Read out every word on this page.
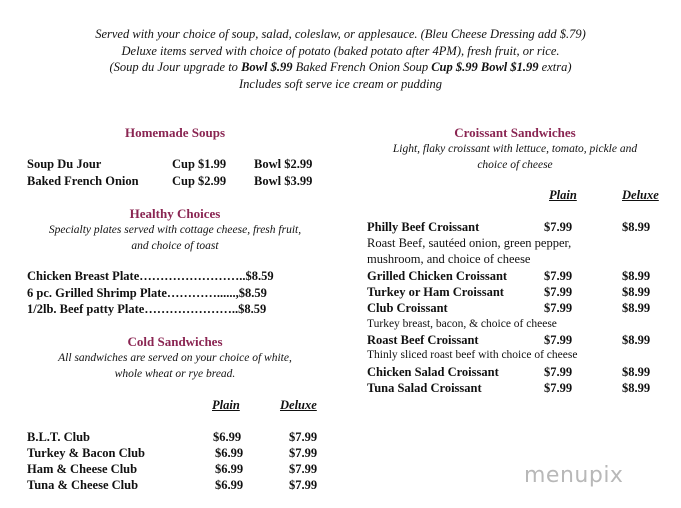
Served with your choice of soup, salad, coleslaw, or applesauce. (Bleu Cheese Dressing add $.79)
Deluxe items served with choice of potato (baked potato after 4PM), fresh fruit, or rice.
(Soup du Jour upgrade to Bowl $.99 Baked French Onion Soup Cup $.99 Bowl $1.99 extra)
Includes soft serve ice cream or pudding
Homemade Soups
Soup Du Jour	Cup $1.99 Bowl $2.99
Baked French Onion	Cup $2.99 Bowl $3.99
Healthy Choices
Specialty plates served with cottage cheese, fresh fruit,
and choice of toast
Chicken Breast Plate……………………..$8.59
6 pc. Grilled Shrimp Plate…………......,$8.59
1/2lb. Beef patty Plate…………………..$8.59
Cold Sandwiches
All sandwiches are served on your choice of white,
whole wheat or rye bread.
Plain	Deluxe
B.L.T. Club	$6.99	$7.99
Turkey & Bacon Club	$6.99	$7.99
Ham & Cheese Club	$6.99	$7.99
Tuna & Cheese Club	$6.99	$7.99
Croissant Sandwiches
Light, flaky croissant with lettuce, tomato, pickle and
choice of cheese
Plain	Deluxe
Philly Beef Croissant	$7.99	$8.99
Roast Beef, sautéed onion, green pepper,
mushroom, and choice of cheese
Grilled Chicken Croissant	$7.99	$8.99
Turkey or Ham Croissant	$7.99	$8.99
Club Croissant	$7.99	$8.99
Turkey breast, bacon, & choice of cheese
Roast Beef Croissant	$7.99	$8.99
Thinly sliced roast beef with choice of cheese
Chicken Salad Croissant	$7.99	$8.99
Tuna Salad Croissant	$7.99	$8.99
menupix
